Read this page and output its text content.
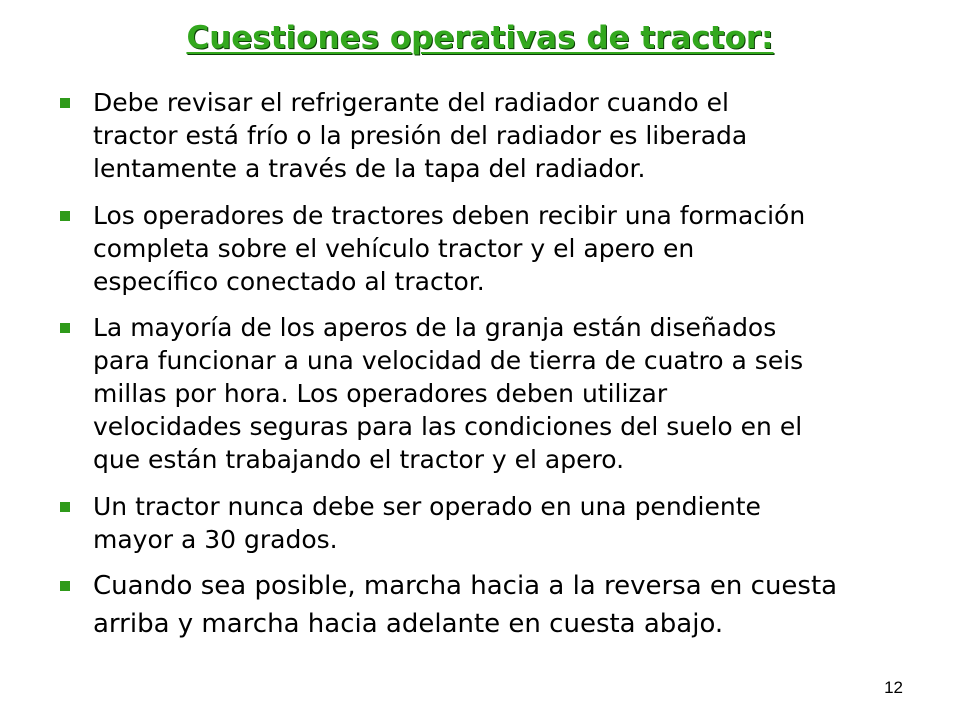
Cuestiones operativas de tractor:
Debe revisar el refrigerante del radiador cuando el
tractor está frío o la presión del radiador es liberada
lentamente a través de la tapa del radiador.
Los operadores de tractores deben recibir una formación
completa sobre el vehículo tractor y el apero en
específico conectado al tractor.
La mayoría de los aperos de la granja están diseñados
para funcionar a una velocidad de tierra de cuatro a seis
millas por hora. Los operadores deben utilizar
velocidades seguras para las condiciones del suelo en el
que están trabajando el tractor y el apero.
Un tractor nunca debe ser operado en una pendiente
mayor a 30 grados.
Cuando sea posible, marcha hacia a la reversa en cuesta
arriba y marcha hacia adelante en cuesta abajo.
12
